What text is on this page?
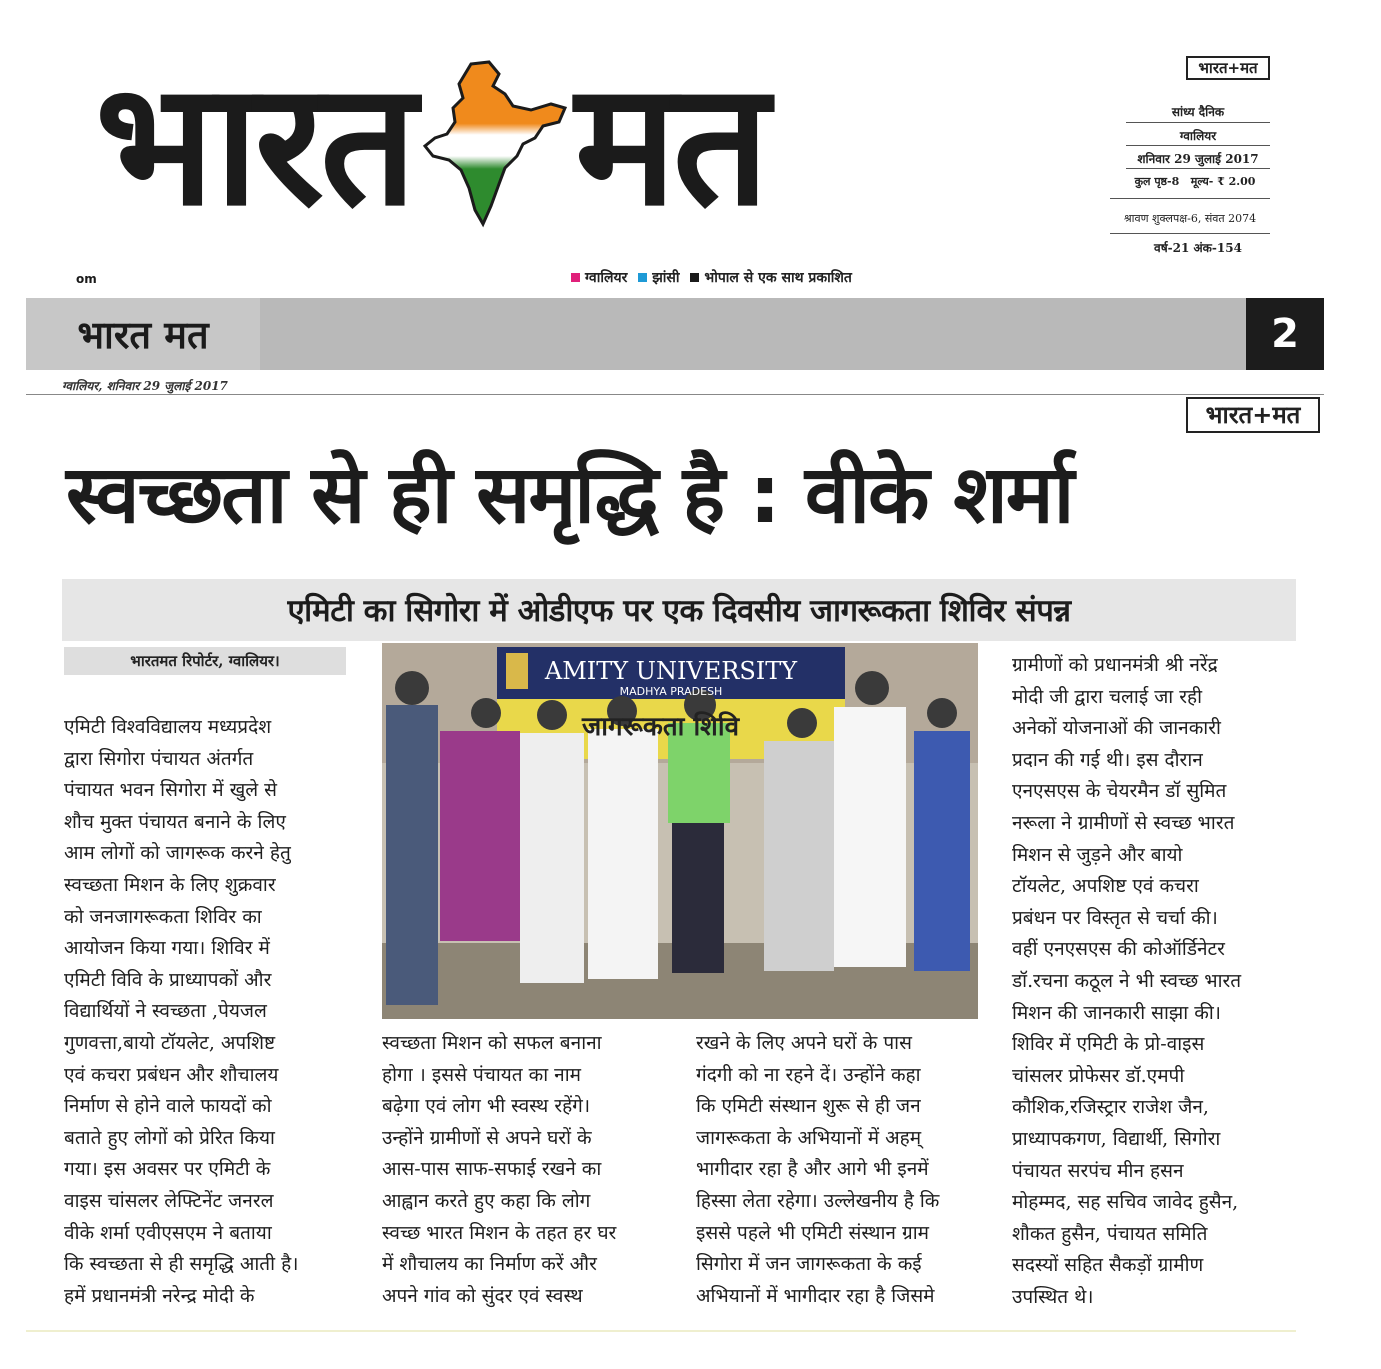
भारत मत	भारत+मत
सांध्य दैनिक
ग्वालियर
शनिवार 29 जुलाई 2017
कुल पृष्ठ-8   मूल्य- ₹ 2.00
श्रावण शुक्लपक्ष-6, संवत 2074
वर्ष-21 अंक-154
om	ग्वालियर झांसी भोपाल से एक साथ प्रकाशित
भारत मत	2
ग्वालियर, शनिवार 29 जुलाई 2017
भारत+मत
स्वच्छता से ही समृद्धि है : वीके शर्मा
एमिटी का सिगोरा में ओडीएफ पर एक दिवसीय जागरूकता शिविर संपन्न
भारतमत रिपोर्टर, ग्वालियर।	AMITY UNIVERSITY
MADHYA PRADESH
जागरूकता शिवि
एमिटी विश्वविद्यालय मध्यप्रदेश
द्वारा सिगोरा पंचायत अंतर्गत
पंचायत भवन सिगोरा में खुले से
शौच मुक्त पंचायत बनाने के लिए
आम लोगों को जागरूक करने हेतु
स्वच्छता मिशन के लिए शुक्रवार
को जनजागरूकता शिविर का
आयोजन किया गया। शिविर में
एमिटी विवि के प्राध्यापकों और
विद्यार्थियों ने स्वच्छता ,पेयजल
गुणवत्ता,बायो टॉयलेट, अपशिष्ट
एवं कचरा प्रबंधन और शौचालय
निर्माण से होने वाले फायदों को
बताते हुए लोगों को प्रेरित किया
गया। इस अवसर पर एमिटी के
वाइस चांसलर लेफ्टिनेंट जनरल
वीके शर्मा एवीएसएम ने बताया
कि स्वच्छता से ही समृद्धि आती है।
हमें प्रधानमंत्री नरेन्द्र मोदी के
स्वच्छता मिशन को सफल बनाना
होगा । इससे पंचायत का नाम
बढ़ेगा एवं लोग भी स्वस्थ रहेंगे।
उन्होंने ग्रामीणों से अपने घरों के
आस-पास साफ-सफाई रखने का
आह्वान करते हुए कहा कि लोग
स्वच्छ भारत मिशन के तहत हर घर
में शौचालय का निर्माण करें और
अपने गांव को सुंदर एवं स्वस्थ
रखने के लिए अपने घरों के पास
गंदगी को ना रहने दें। उन्होंने कहा
कि एमिटी संस्थान शुरू से ही जन
जागरूकता के अभियानों में अहम्
भागीदार रहा है और आगे भी इनमें
हिस्सा लेता रहेगा। उल्लेखनीय है कि
इससे पहले भी एमिटी संस्थान ग्राम
सिगोरा में जन जागरूकता के कई
अभियानों में भागीदार रहा है जिसमे
ग्रामीणों को प्रधानमंत्री श्री नरेंद्र
मोदी जी द्वारा चलाई जा रही
अनेकों योजनाओं की जानकारी
प्रदान की गई थी। इस दौरान
एनएसएस के चेयरमैन डॉ सुमित
नरूला ने ग्रामीणों से स्वच्छ भारत
मिशन से जुड़ने और बायो
टॉयलेट, अपशिष्ट एवं कचरा
प्रबंधन पर विस्तृत से चर्चा की।
वहीं एनएसएस की कोऑर्डिनेटर
डॉ.रचना कठूल ने भी स्वच्छ भारत
मिशन की जानकारी साझा की।
शिविर में एमिटी के प्रो-वाइस
चांसलर प्रोफेसर डॉ.एमपी
कौशिक,रजिस्ट्रार राजेश जैन,
प्राध्यापकगण, विद्यार्थी, सिगोरा
पंचायत सरपंच मीन हसन
मोहम्मद, सह सचिव जावेद हुसैन,
शौकत हुसैन, पंचायत समिति
सदस्यों सहित सैकड़ों ग्रामीण
उपस्थित थे।
